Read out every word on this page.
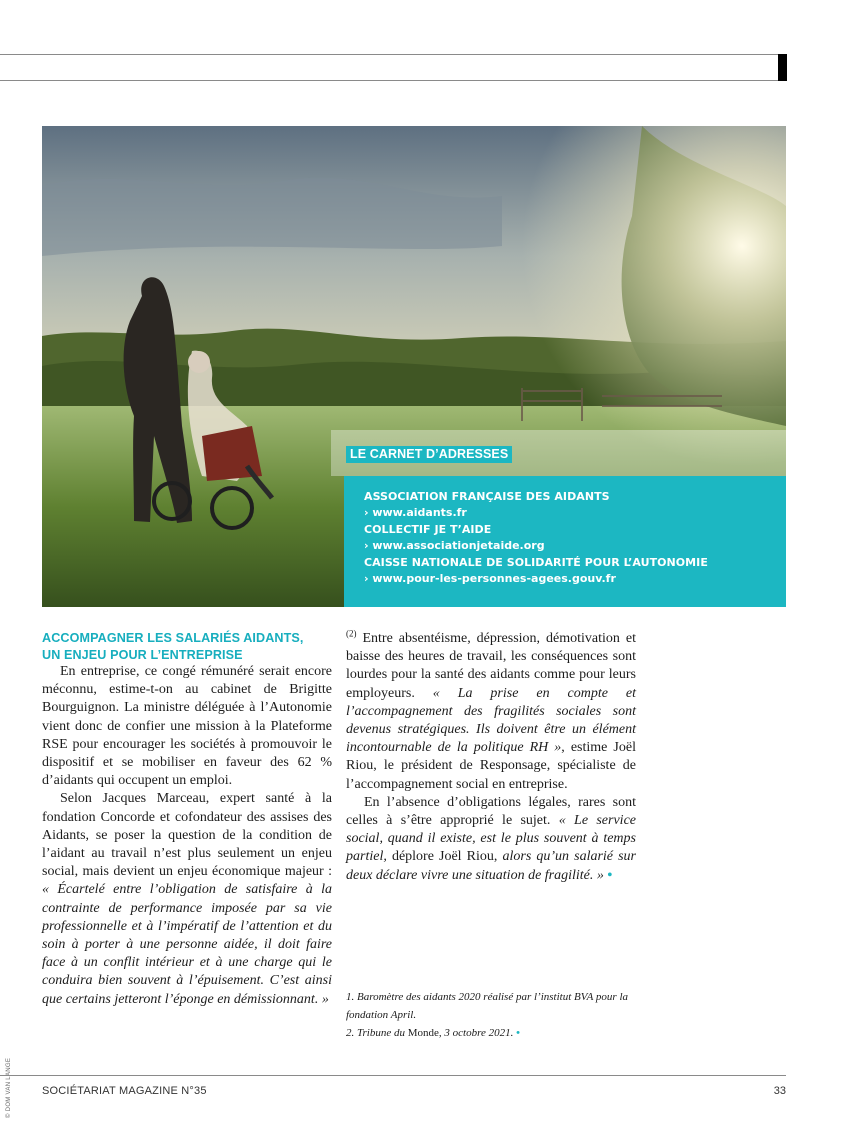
LE CARNET D’ADRESSES
ASSOCIATION FRANÇAISE DES AIDANTS
› www.aidants.fr
COLLECTIF JE T’AIDE
› www.associationjetaide.org
CAISSE NATIONALE DE SOLIDARITÉ POUR L’AUTONOMIE
› www.pour-les-personnes-agees.gouv.fr
ACCOMPAGNER LES SALARIÉS AIDANTS,
UN ENJEU POUR L’ENTREPRISE

En entreprise, ce congé rémunéré serait encore méconnu, estime-t-on au cabinet de Brigitte Bourguignon. La ministre déléguée à l’Autonomie vient donc de confier une mission à la Plateforme RSE pour encourager les sociétés à promouvoir le dispositif et se mobiliser en faveur des 62 % d’aidants qui occupent un emploi.

Selon Jacques Marceau, expert santé à la fondation Concorde et cofondateur des assises des Aidants, se poser la question de la condition de l’aidant au travail n’est plus seulement un enjeu social, mais devient un enjeu économique majeur : « Écartelé entre l’obligation de satisfaire à la contrainte de performance imposée par sa vie professionnelle et à l’impératif de l’attention et du soin à porter à une personne aidée, il doit faire face à un conflit intérieur et à une charge qui le conduira bien souvent à l’épuisement. C’est ainsi que certains jetteront l’éponge en démissionnant. »

$^{(2)}$ Entre absentéisme, dépression, démotivation et baisse des heures de travail, les conséquences sont lourdes pour la santé des aidants comme pour leurs employeurs. « La prise en compte et l’accompagnement des fragilités sociales sont devenus stratégiques. Ils doivent être un élément incontournable de la politique RH », estime Joël Riou, le président de Responsage, spécialiste de l’accompagnement social en entreprise.

En l’absence d’obligations légales, rares sont celles à s’être approprié le sujet. « Le service social, quand il existe, est le plus souvent à temps partiel, déplore Joël Riou, alors qu’un salarié sur deux déclare vivre une situation de fragilité. » •

1. Baromètre des aidants 2020 réalisé par l’institut BVA pour la fondation April.
2. Tribune du Monde, 3 octobre 2021. •
© DOM VAN LANGE	SOCIÉTARIAT MAGAZINE N°35	33
